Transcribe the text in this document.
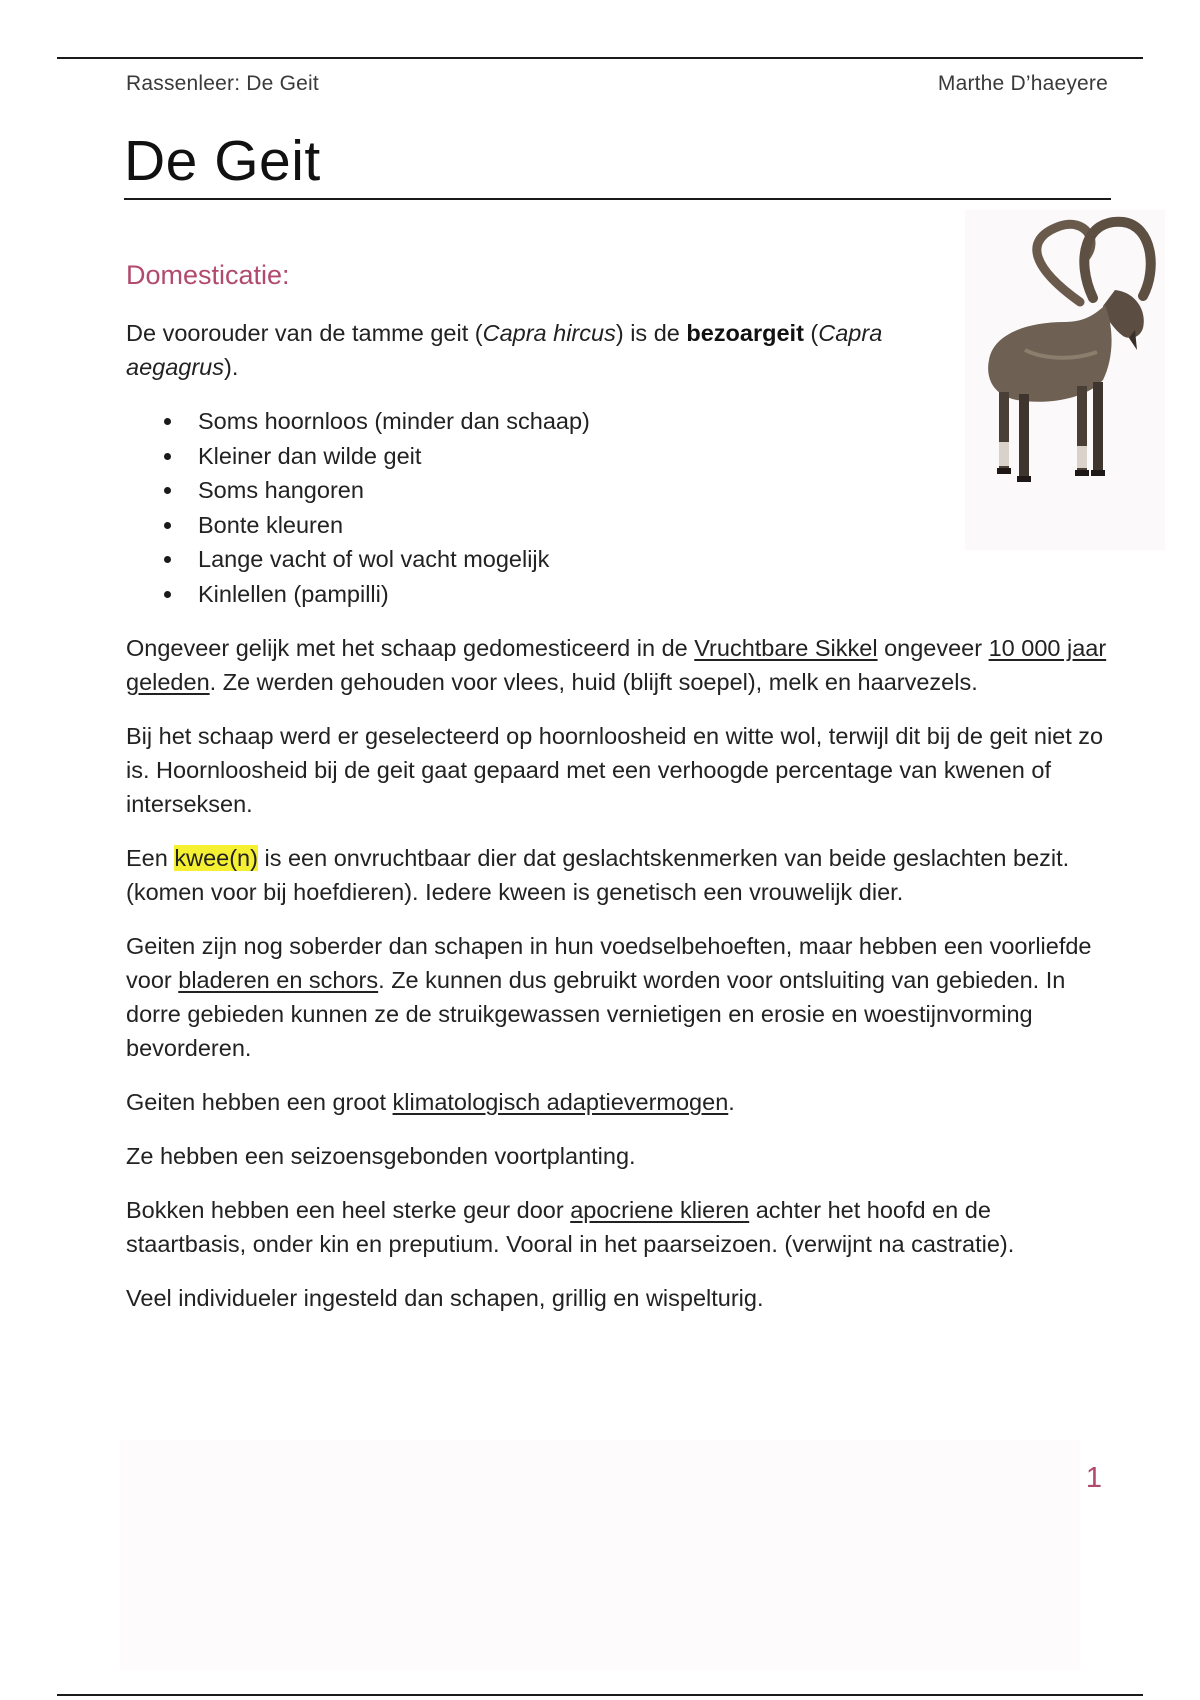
Rassenleer: De Geit	Marthe D’haeyere
De Geit
Domesticatie:

De voorouder van de tamme geit (Capra hircus) is de bezoargeit (Capra aegagrus).

Soms hoornloos (minder dan schaap)
Kleiner dan wilde geit
Soms hangoren
Bonte kleuren
Lange vacht of wol vacht mogelijk
Kinlellen (pampilli)

Ongeveer gelijk met het schaap gedomesticeerd in de Vruchtbare Sikkel ongeveer 10 000 jaar geleden. Ze werden gehouden voor vlees, huid (blijft soepel), melk en haarvezels.

Bij het schaap werd er geselecteerd op hoornloosheid en witte wol, terwijl dit bij de geit niet zo is. Hoornloosheid bij de geit gaat gepaard met een verhoogde percentage van kwenen of interseksen.

Een kwee(n) is een onvruchtbaar dier dat geslachtskenmerken van beide geslachten bezit. (komen voor bij hoefdieren). Iedere kween is genetisch een vrouwelijk dier.

Geiten zijn nog soberder dan schapen in hun voedselbehoeften, maar hebben een voorliefde voor bladeren en schors. Ze kunnen dus gebruikt worden voor ontsluiting van gebieden. In dorre gebieden kunnen ze de struikgewassen vernietigen en erosie en woestijnvorming bevorderen.

Geiten hebben een groot klimatologisch adaptievermogen.

Ze hebben een seizoensgebonden voortplanting.

Bokken hebben een heel sterke geur door apocriene klieren achter het hoofd en de staartbasis, onder kin en preputium. Vooral in het paarseizoen. (verwijnt na castratie).

Veel individueler ingesteld dan schapen, grillig en wispelturig.

1
